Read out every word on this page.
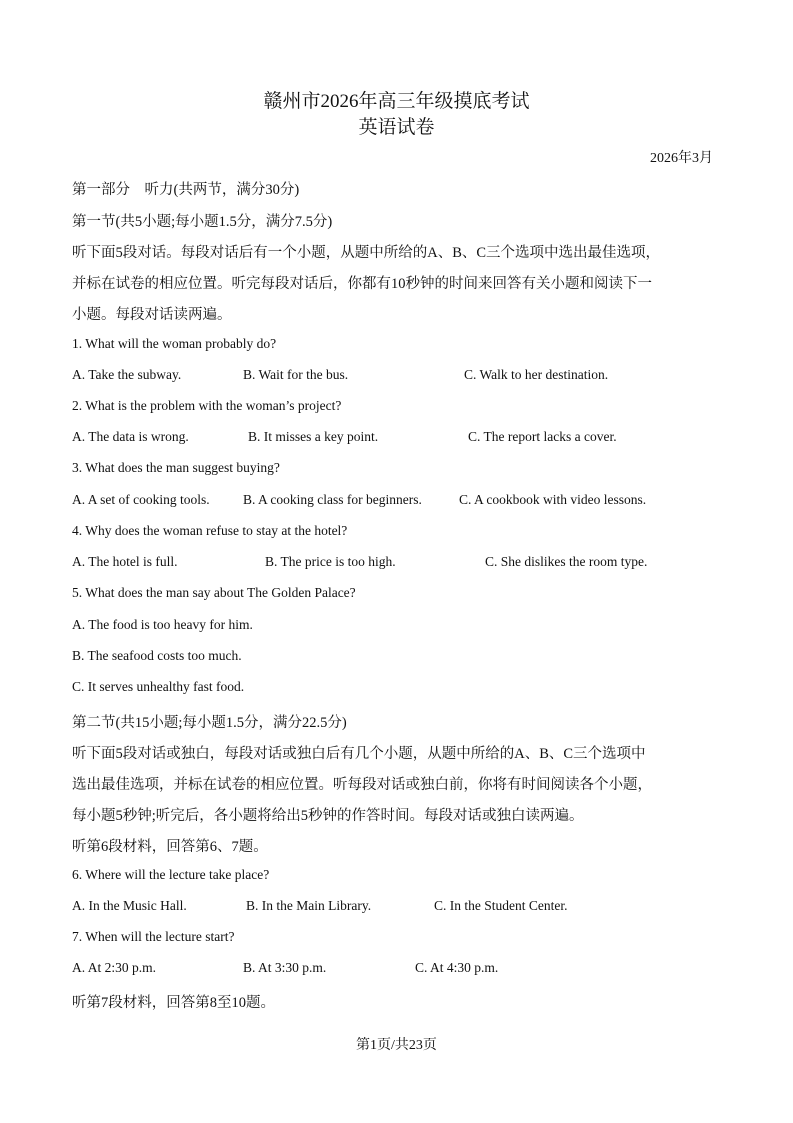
赣州市2026年高三年级摸底考试
英语试卷
2026年3月
第一部分　听力(共两节，满分30分)
第一节(共5小题;每小题1.5分，满分7.5分)
听下面5段对话。每段对话后有一个小题，从题中所给的A、B、C三个选项中选出最佳选项，
并标在试卷的相应位置。听完每段对话后，你都有10秒钟的时间来回答有关小题和阅读下一
小题。每段对话读两遍。
1. What will the woman probably do?
A. Take the subway.	B. Wait for the bus.	C. Walk to her destination.
2. What is the problem with the woman’s project?
A. The data is wrong.	B. It misses a key point.	C. The report lacks a cover.
3. What does the man suggest buying?
A. A set of cooking tools. B. A cooking class for beginners.	C. A cookbook with video lessons.
4. Why does the woman refuse to stay at the hotel?
A. The hotel is full.	B. The price is too high.	C. She dislikes the room type.
5. What does the man say about The Golden Palace?
A. The food is too heavy for him.
B. The seafood costs too much.
C. It serves unhealthy fast food.
第二节(共15小题;每小题1.5分，满分22.5分)
听下面5段对话或独白，每段对话或独白后有几个小题，从题中所给的A、B、C三个选项中
选出最佳选项，并标在试卷的相应位置。听每段对话或独白前，你将有时间阅读各个小题，
每小题5秒钟;听完后，各小题将给出5秒钟的作答时间。每段对话或独白读两遍。
听第6段材料，回答第6、7题。
6. Where will the lecture take place?
A. In the Music Hall.	B. In the Main Library.	C. In the Student Center.
7. When will the lecture start?
A. At 2:30 p.m.	B. At 3:30 p.m.	C. At 4:30 p.m.
听第7段材料，回答第8至10题。
第1页/共23页
